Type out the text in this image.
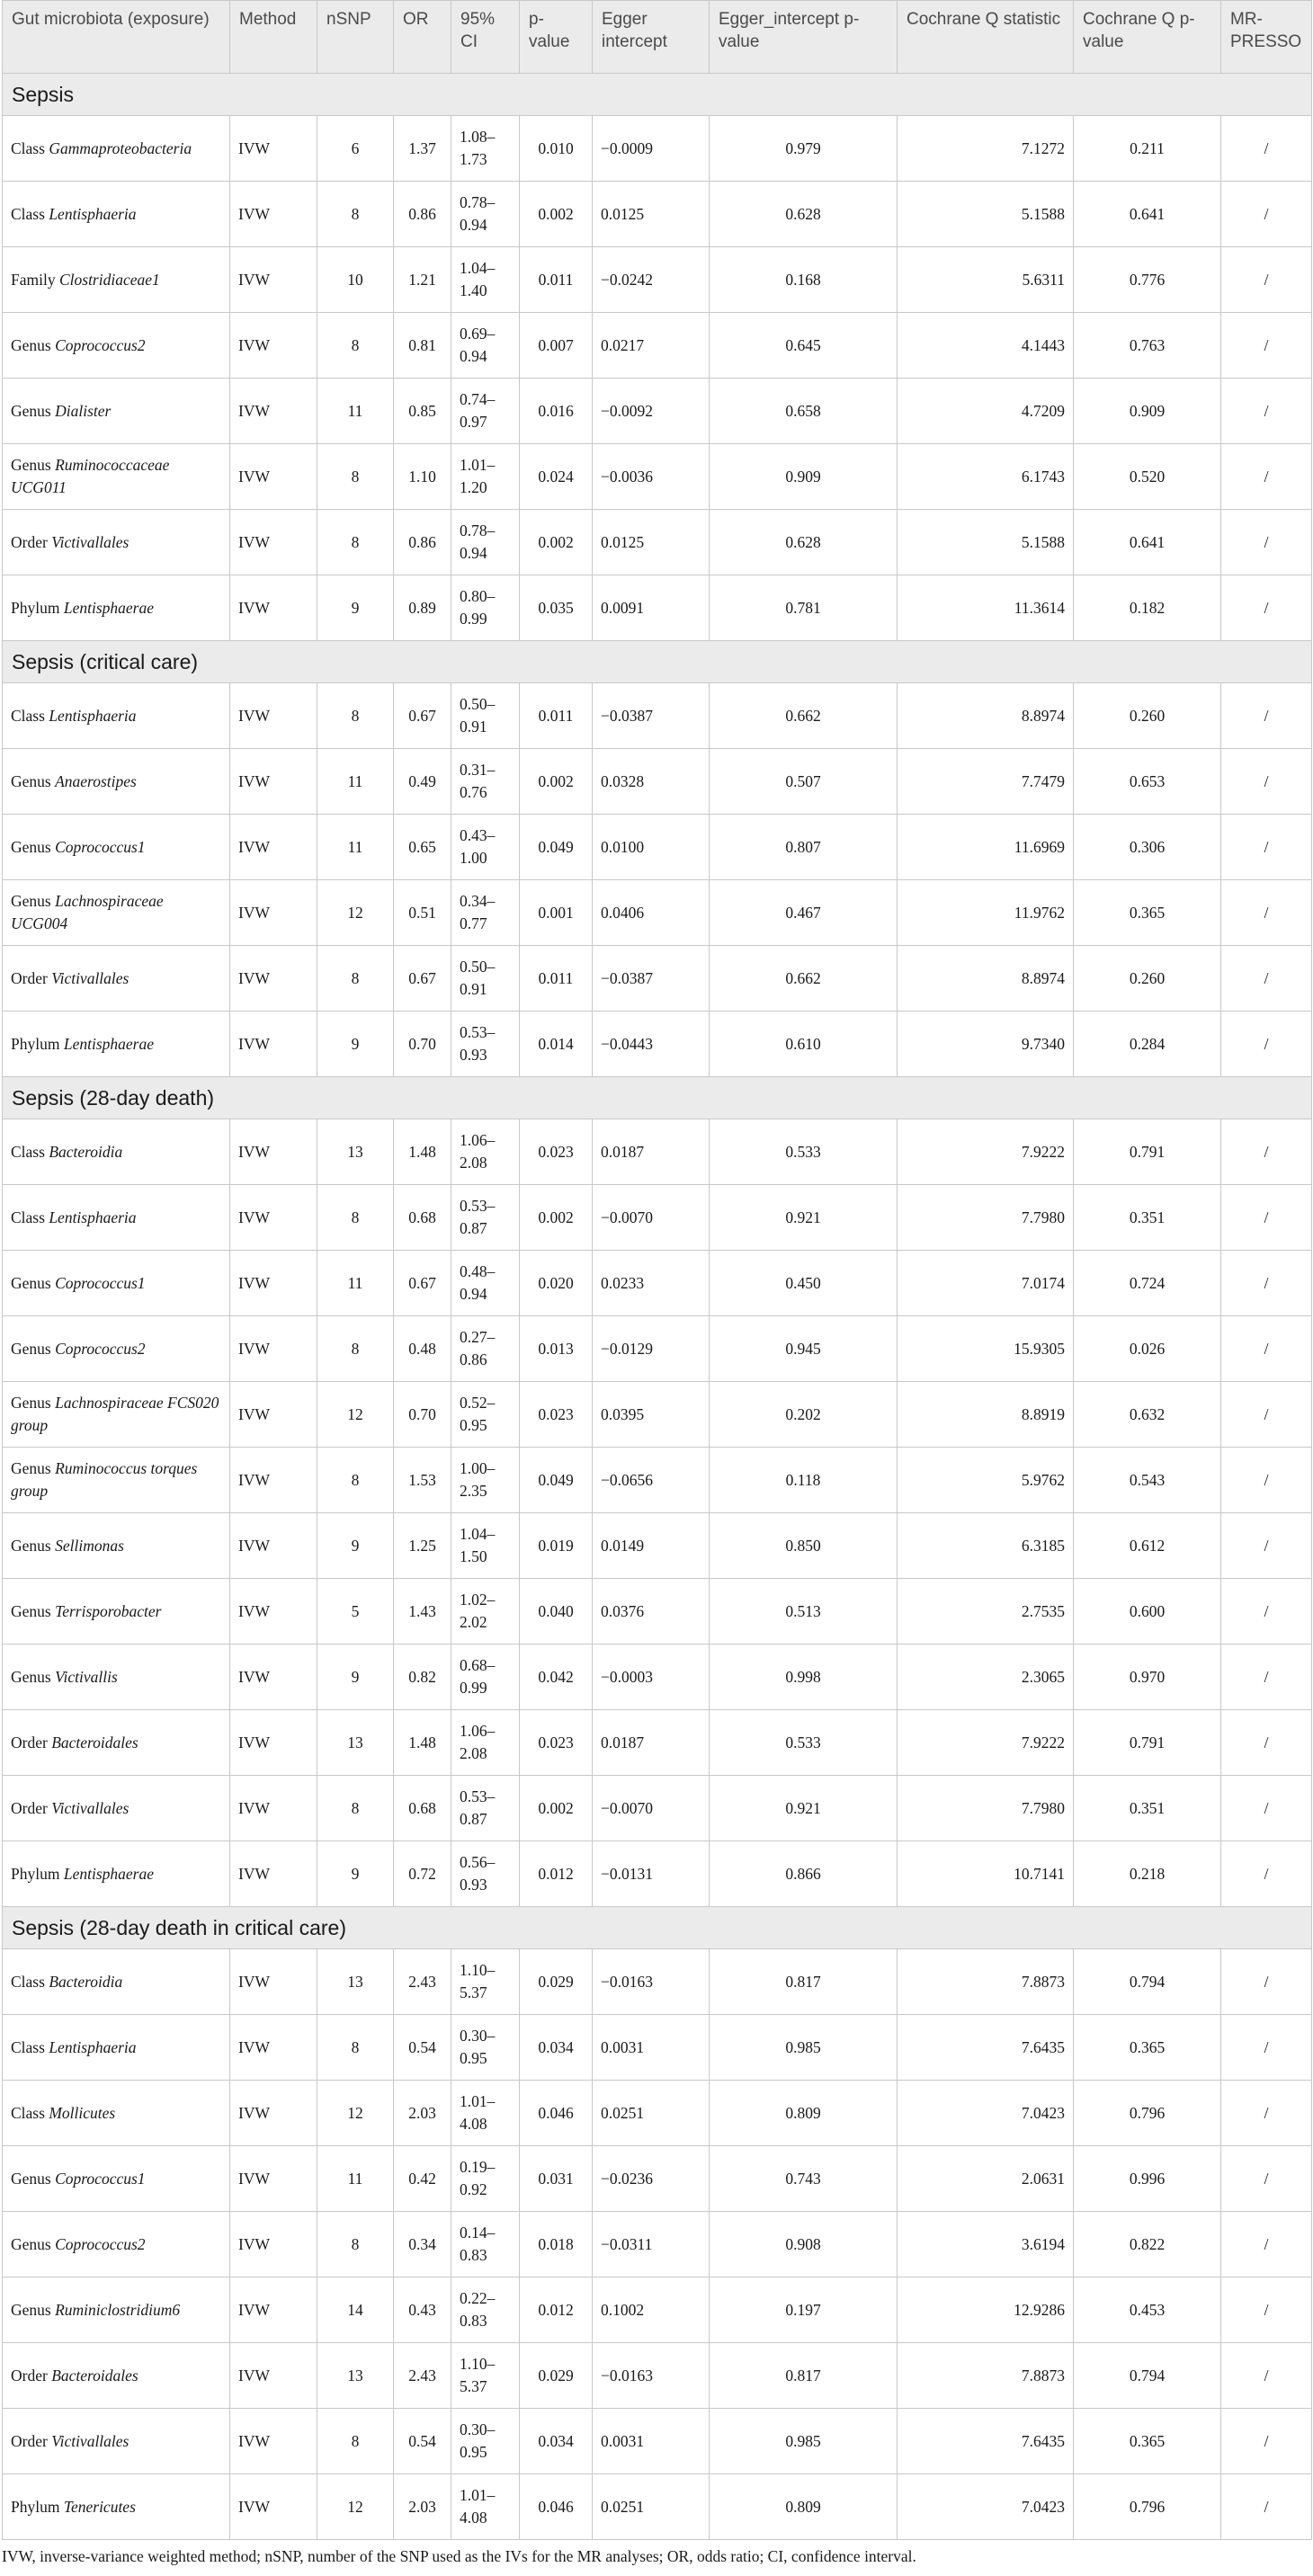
Gut microbiota (exposure)	Method	nSNP	OR	95% CI	p-value	Egger intercept	Egger_intercept p-value	Cochrane Q statistic	Cochrane Q p-value	MR-PRESSO
Sepsis										
Class Gammaproteobacteria	IVW	6	1.37	1.08–1.73	0.010	−0.0009	0.979	7.1272	0.211	/
Class Lentisphaeria	IVW	8	0.86	0.78–0.94	0.002	0.0125	0.628	5.1588	0.641	/
Family Clostridiaceae1	IVW	10	1.21	1.04–1.40	0.011	−0.0242	0.168	5.6311	0.776	/
Genus Coprococcus2	IVW	8	0.81	0.69–0.94	0.007	0.0217	0.645	4.1443	0.763	/
Genus Dialister	IVW	11	0.85	0.74–0.97	0.016	−0.0092	0.658	4.7209	0.909	/
Genus Ruminococcaceae UCG011	IVW	8	1.10	1.01–1.20	0.024	−0.0036	0.909	6.1743	0.520	/
Order Victivallales	IVW	8	0.86	0.78–0.94	0.002	0.0125	0.628	5.1588	0.641	/
Phylum Lentisphaerae	IVW	9	0.89	0.80–0.99	0.035	0.0091	0.781	11.3614	0.182	/
Sepsis (critical care)										
Class Lentisphaeria	IVW	8	0.67	0.50–0.91	0.011	−0.0387	0.662	8.8974	0.260	/
Genus Anaerostipes	IVW	11	0.49	0.31–0.76	0.002	0.0328	0.507	7.7479	0.653	/
Genus Coprococcus1	IVW	11	0.65	0.43–1.00	0.049	0.0100	0.807	11.6969	0.306	/
Genus Lachnospiraceae UCG004	IVW	12	0.51	0.34–0.77	0.001	0.0406	0.467	11.9762	0.365	/
Order Victivallales	IVW	8	0.67	0.50–0.91	0.011	−0.0387	0.662	8.8974	0.260	/
Phylum Lentisphaerae	IVW	9	0.70	0.53–0.93	0.014	−0.0443	0.610	9.7340	0.284	/
Sepsis (28-day death)										
Class Bacteroidia	IVW	13	1.48	1.06–2.08	0.023	0.0187	0.533	7.9222	0.791	/
Class Lentisphaeria	IVW	8	0.68	0.53–0.87	0.002	−0.0070	0.921	7.7980	0.351	/
Genus Coprococcus1	IVW	11	0.67	0.48–0.94	0.020	0.0233	0.450	7.0174	0.724	/
Genus Coprococcus2	IVW	8	0.48	0.27–0.86	0.013	−0.0129	0.945	15.9305	0.026	/
Genus Lachnospiraceae FCS020 group	IVW	12	0.70	0.52–0.95	0.023	0.0395	0.202	8.8919	0.632	/
Genus Ruminococcus torques group	IVW	8	1.53	1.00–2.35	0.049	−0.0656	0.118	5.9762	0.543	/
Genus Sellimonas	IVW	9	1.25	1.04–1.50	0.019	0.0149	0.850	6.3185	0.612	/
Genus Terrisporobacter	IVW	5	1.43	1.02–2.02	0.040	0.0376	0.513	2.7535	0.600	/
Genus Victivallis	IVW	9	0.82	0.68–0.99	0.042	−0.0003	0.998	2.3065	0.970	/
Order Bacteroidales	IVW	13	1.48	1.06–2.08	0.023	0.0187	0.533	7.9222	0.791	/
Order Victivallales	IVW	8	0.68	0.53–0.87	0.002	−0.0070	0.921	7.7980	0.351	/
Phylum Lentisphaerae	IVW	9	0.72	0.56–0.93	0.012	−0.0131	0.866	10.7141	0.218	/
Sepsis (28-day death in critical care)										
Class Bacteroidia	IVW	13	2.43	1.10–5.37	0.029	−0.0163	0.817	7.8873	0.794	/
Class Lentisphaeria	IVW	8	0.54	0.30–0.95	0.034	0.0031	0.985	7.6435	0.365	/
Class Mollicutes	IVW	12	2.03	1.01–4.08	0.046	0.0251	0.809	7.0423	0.796	/
Genus Coprococcus1	IVW	11	0.42	0.19–0.92	0.031	−0.0236	0.743	2.0631	0.996	/
Genus Coprococcus2	IVW	8	0.34	0.14–0.83	0.018	−0.0311	0.908	3.6194	0.822	/
Genus Ruminiclostridium6	IVW	14	0.43	0.22–0.83	0.012	0.1002	0.197	12.9286	0.453	/
Order Bacteroidales	IVW	13	2.43	1.10–5.37	0.029	−0.0163	0.817	7.8873	0.794	/
Order Victivallales	IVW	8	0.54	0.30–0.95	0.034	0.0031	0.985	7.6435	0.365	/
Phylum Tenericutes	IVW	12	2.03	1.01–4.08	0.046	0.0251	0.809	7.0423	0.796	/
IVW, inverse-variance weighted method; nSNP, number of the SNP used as the IVs for the MR analyses; OR, odds ratio; CI, confidence interval.
